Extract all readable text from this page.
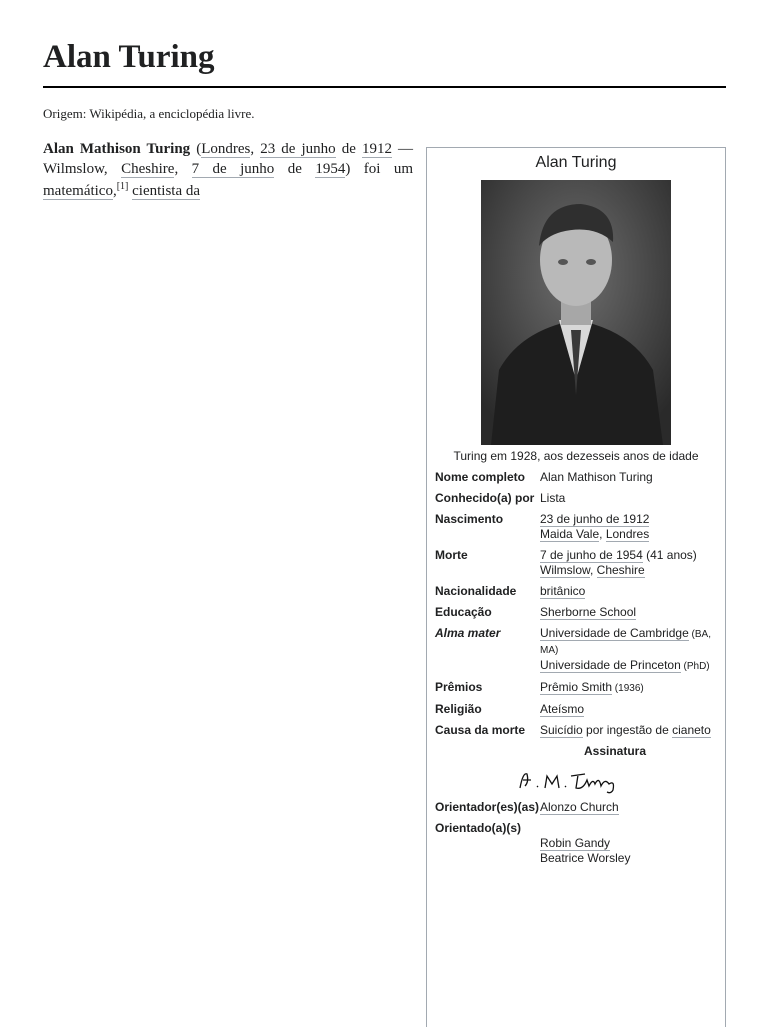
Alan Turing
Origem: Wikipédia, a enciclopédia livre.

Alan Mathison Turing (Londres, 23 de junho de 1912 — Wilmslow, Cheshire, 7 de junho de 1954) foi um matemático,[1] cientista da

Alan Turing
Turing em 1928, aos dezesseis anos de idade
Nome completo	Alan Mathison Turing
Conhecido(a) por Lista
Nascimento	23 de junho de 1912
Maida Vale, Londres
Morte	7 de junho de 1954 (41 anos)
Wilmslow, Cheshire
Nacionalidade	britânico
Educação	Sherborne School
Alma mater	Universidade de Cambridge (BA, MA)
Universidade de Princeton (PhD)
Prêmios	Prêmio Smith (1936)
Religião	Ateísmo
Causa da morte	Suicídio por ingestão de cianeto
Assinatura
Orientador(es)(as) Alonzo Church
Orientado(a)(s)

Robin Gandy
Beatrice Worsley
